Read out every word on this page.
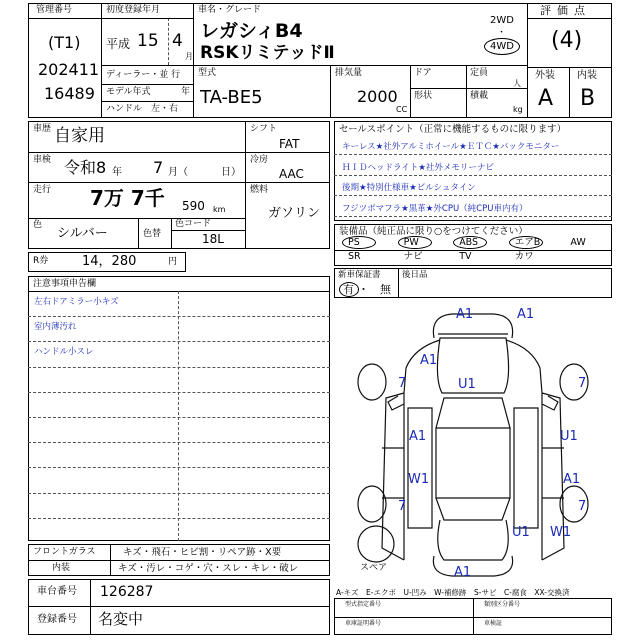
管理番号
(T1)
202411
16489
初度登録年月
平成 15 4
月
ディーラー・並 行
モデル年式	年
ハンドル　左・右
車名・グレード
レガシィB4
RSKリミテッドⅡ
2WD
・
4WD
型式
TA-BE5
排気量
2000
CC
ドア
形状
定員
人
積載
kg
評価点
(4)
外装 内装
A B
車歴 自家用
車検 令和8 年 7 月（	日）
走行 7万 7千 590 km
色
シルバー	色替
色コード
18L
シフト
FAT
冷房
AAC
燃料
ガソリン
R券	14，280	円
注意事項申告欄
左右ドアミラー小キズ
室内薄汚れ
ハンドル小スレ
フロントガラス	キズ・飛石・ヒビ割・リペア跡・X要
内装	キズ・汚レ・コゲ・穴・スレ・キレ・破レ
車台番号 126287
登録番号 名変中
セールスポイント（正常に機能するものに限ります）
キーレス★社外アルミホイール★ＥＴＣ★バックモニター
ＨＩＤヘッドライト★社外メモリーナビ
後期★特別仕様車★ビルシュタイン
フジツボマフラ★黒革★外CPU（純CPU車内有）
装備品（純正品に限り○をつけてください）
PS	PW	ABS	エアB	AW
SR	ナビ	TV	カワ
新車保証書
有 ・ 無
後日品
A1	A1
A1
7	U1	7
A1	U1
W1	A1
7	7
U1 W1
A1
スペア
A-キズ　E-エクボ　U-凹み　W-補修跡　S-サビ　C-腐食　XX-交換済
型式指定番号	類別区分番号
車庫証明番号	車検証
